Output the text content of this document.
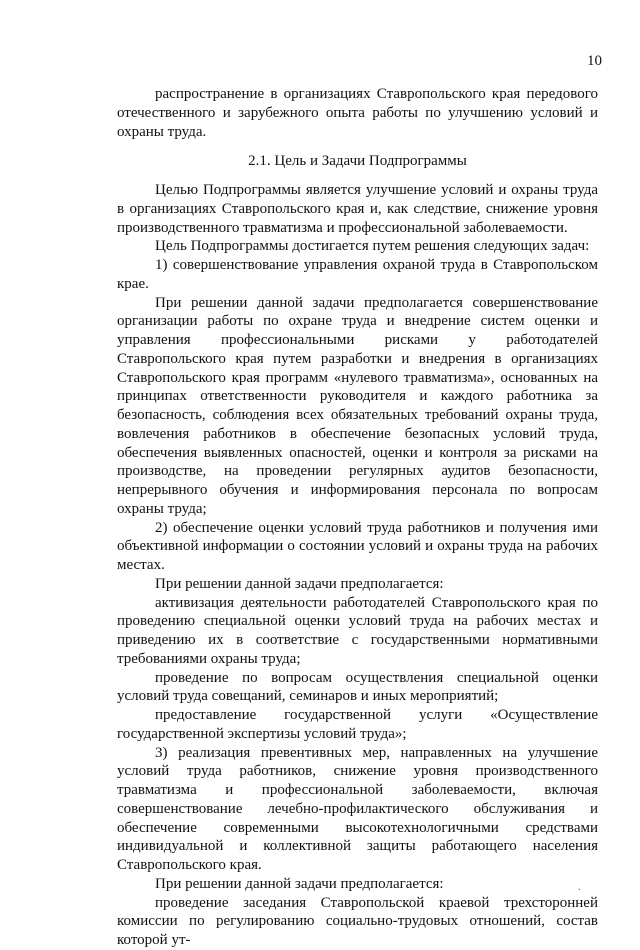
10

распространение в организациях Ставропольского края передового отечественного и зарубежного опыта работы по улучшению условий и охраны труда.

2.1. Цель и Задачи Подпрограммы

Целью Подпрограммы является улучшение условий и охраны труда в организациях Ставропольского края и, как следствие, снижение уровня производственного травматизма и профессиональной заболеваемости.

Цель Подпрограммы достигается путем решения следующих задач:

1) совершенствование управления охраной труда в Ставропольском крае.

При решении данной задачи предполагается совершенствование организации работы по охране труда и внедрение систем оценки и управления профессиональными рисками у работодателей Ставропольского края путем разработки и внедрения в организациях Ставропольского края программ «нулевого травматизма», основанных на принципах ответственности руководителя и каждого работника за безопасность, соблюдения всех обязательных требований охраны труда, вовлечения работников в обеспечение безопасных условий труда, обеспечения выявленных опасностей, оценки и контроля за рисками на производстве, на проведении регулярных аудитов безопасности, непрерывного обучения и информирования персонала по вопросам охраны труда;

2) обеспечение оценки условий труда работников и получения ими объективной информации о состоянии условий и охраны труда на рабочих местах.

При решении данной задачи предполагается:

активизация деятельности работодателей Ставропольского края по проведению специальной оценки условий труда на рабочих местах и приведению их в соответствие с государственными нормативными требованиями охраны труда;

проведение по вопросам осуществления специальной оценки условий труда совещаний, семинаров и иных мероприятий;

предоставление государственной услуги «Осуществление государственной экспертизы условий труда»;

3) реализация превентивных мер, направленных на улучшение условий труда работников, снижение уровня производственного травматизма и профессиональной заболеваемости, включая совершенствование лечебно-профилактического обслуживания и обеспечение современными высокотехнологичными средствами индивидуальной и коллективной защиты работающего населения Ставропольского края.

При решении данной задачи предполагается:

проведение заседания Ставропольской краевой трехсторонней комиссии по регулированию социально-трудовых отношений, состав которой ут-

.
